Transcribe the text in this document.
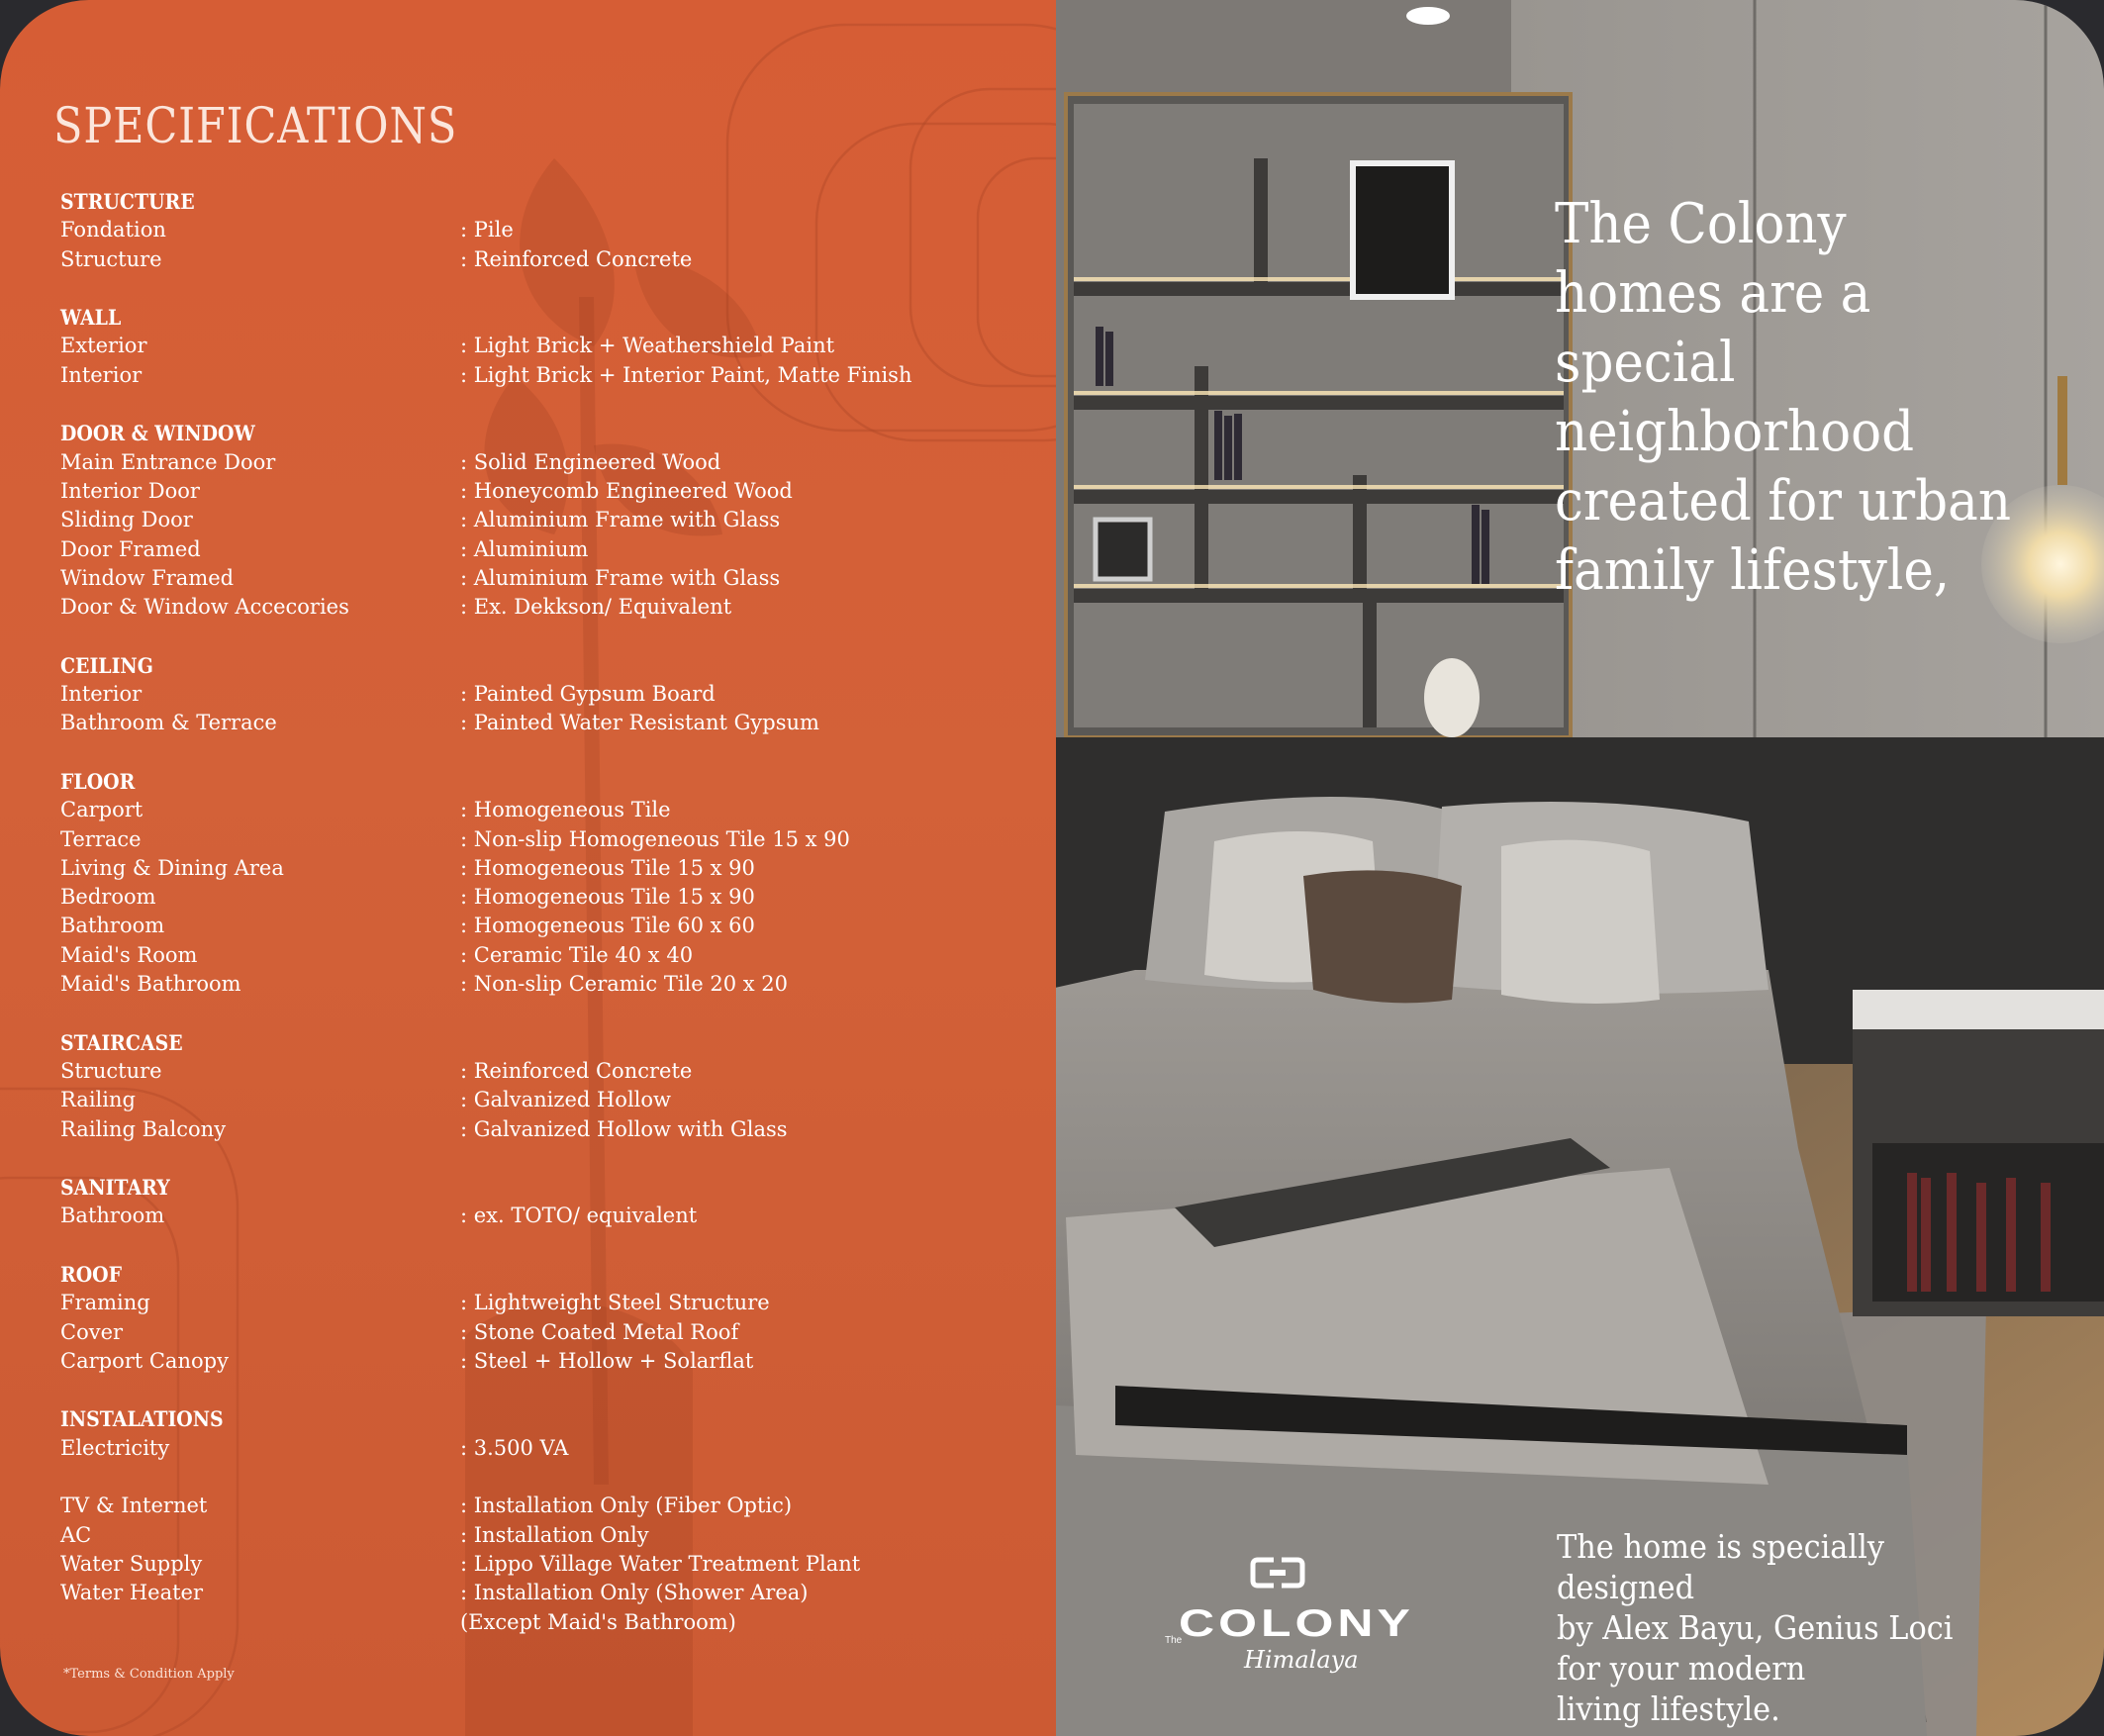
SPECIFICATIONS
STRUCTURE
Fondation	: Pile
Structure	: Reinforced Concrete
WALL
Exterior	: Light Brick + Weathershield Paint
Interior	: Light Brick + Interior Paint, Matte Finish
DOOR & WINDOW
Main Entrance Door	: Solid Engineered Wood
Interior Door	: Honeycomb Engineered Wood
Sliding Door	: Aluminium Frame with Glass
Door Framed	: Aluminium
Window Framed	: Aluminium Frame with Glass
Door & Window Accecories	: Ex. Dekkson/ Equivalent
CEILING
Interior	: Painted Gypsum Board
Bathroom & Terrace	: Painted Water Resistant Gypsum
FLOOR
Carport	: Homogeneous Tile
Terrace	: Non-slip Homogeneous Tile 15 x 90
Living & Dining Area	: Homogeneous Tile 15 x 90
Bedroom	: Homogeneous Tile 15 x 90
Bathroom	: Homogeneous Tile 60 x 60
Maid's Room	: Ceramic Tile 40 x 40
Maid's Bathroom	: Non-slip Ceramic Tile 20 x 20
STAIRCASE
Structure	: Reinforced Concrete
Railing	: Galvanized Hollow
Railing Balcony	: Galvanized Hollow with Glass
SANITARY
Bathroom	: ex. TOTO/ equivalent
ROOF
Framing	: Lightweight Steel Structure
Cover	: Stone Coated Metal Roof
Carport Canopy	: Steel + Hollow + Solarflat
INSTALATIONS
Electricity	: 3.500 VA
TV & Internet	: Installation Only (Fiber Optic)
AC	: Installation Only
Water Supply	: Lippo Village Water Treatment Plant
Water Heater	: Installation Only (Shower Area)
(Except Maid's Bathroom)
*Terms & Condition Apply

The Colony homes are a special neighborhood created for urban family lifestyle,

The home is specially designed
by Alex Bayu, Genius Loci
for your modern
living lifestyle.
The
COLONY
Himalaya
